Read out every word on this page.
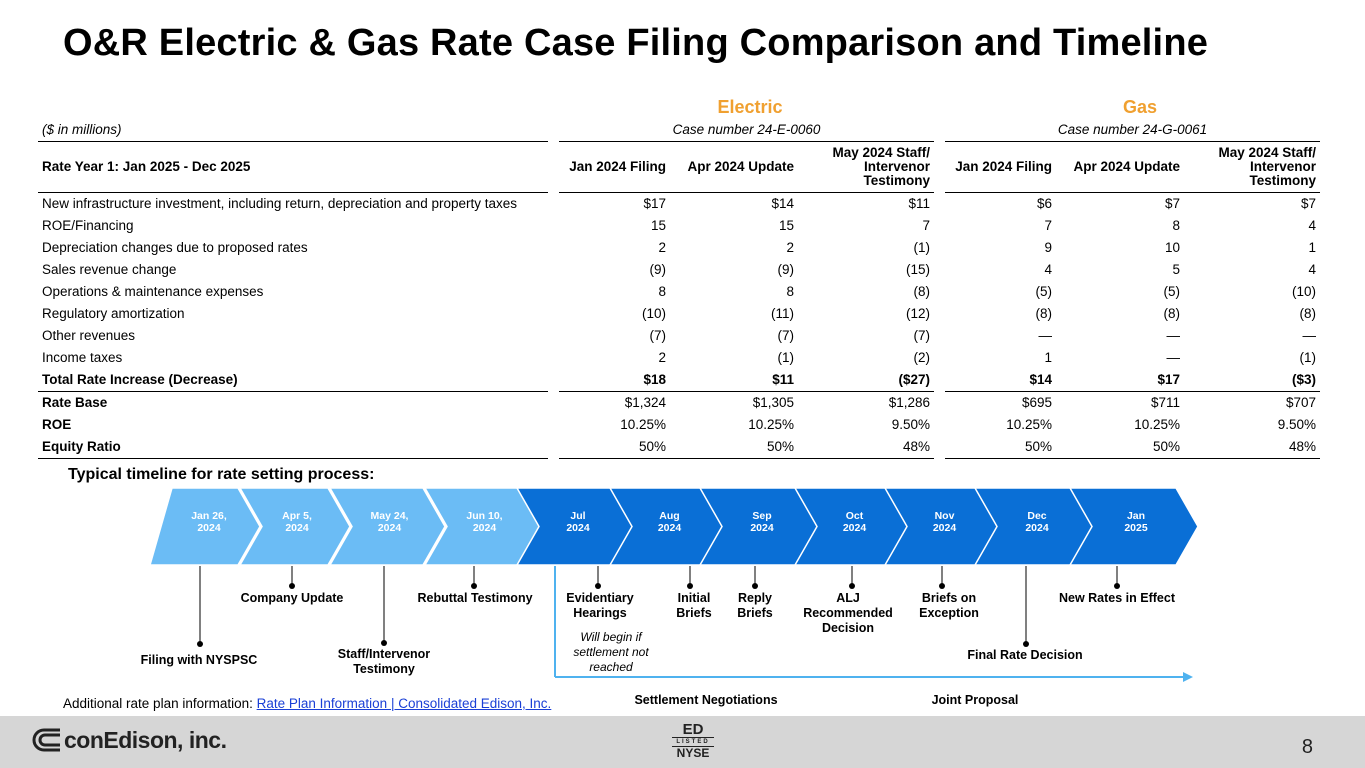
O&R Electric & Gas Rate Case Filing Comparison and Timeline
Electric	Gas
($ in millions)		Case number 24-E-0060				Case number 24-G-0061		
Rate Year 1: Jan 2025 - Dec 2025		Jan 2024 Filing	Apr 2024 Update	May 2024 Staff/ Intervenor Testimony		Jan 2024 Filing	Apr 2024 Update	May 2024 Staff/ Intervenor Testimony
New infrastructure investment, including return, depreciation and property taxes		$17	$14	$11		$6	$7	$7
ROE/Financing		15	15	7		7	8	4
Depreciation changes due to proposed rates		2	2	(1)		9	10	1
Sales revenue change		(9)	(9)	(15)		4	5	4
Operations & maintenance expenses		8	8	(8)		(5)	(5)	(10)
Regulatory amortization		(10)	(11)	(12)		(8)	(8)	(8)
Other revenues		(7)	(7)	(7)		—	—	—
Income taxes		2	(1)	(2)		1	—	(1)
Total Rate Increase (Decrease)		$18	$11	($27)		$14	$17	($3)
Rate Base		$1,324	$1,305	$1,286		$695	$711	$707
ROE		10.25%	10.25%	9.50%		10.25%	10.25%	9.50%
Equity Ratio		50%	50%	48%		50%	50%	48%
Typical timeline for rate setting process:
Jan 26,
2024
Apr 5,
2024
May 24,
2024
Jun 10,
2024
Jul
2024
Aug
2024
Sep
2024
Oct
2024
Nov
2024
Dec
2024
Jan
2025
Filing with NYSPSC
Company Update
Staff/Intervenor Testimony
Rebuttal Testimony	Evidentiary Hearings
Will begin if settlement not reached
Initial Briefs
Reply Briefs
ALJ Recommended Decision
Briefs on Exception
Final Rate Decision
New Rates in Effect
Settlement Negotiations	Joint Proposal
Additional rate plan information: Rate Plan Information | Consolidated Edison, Inc.
conEdison, inc.	ED
LISTED
NYSE	8
